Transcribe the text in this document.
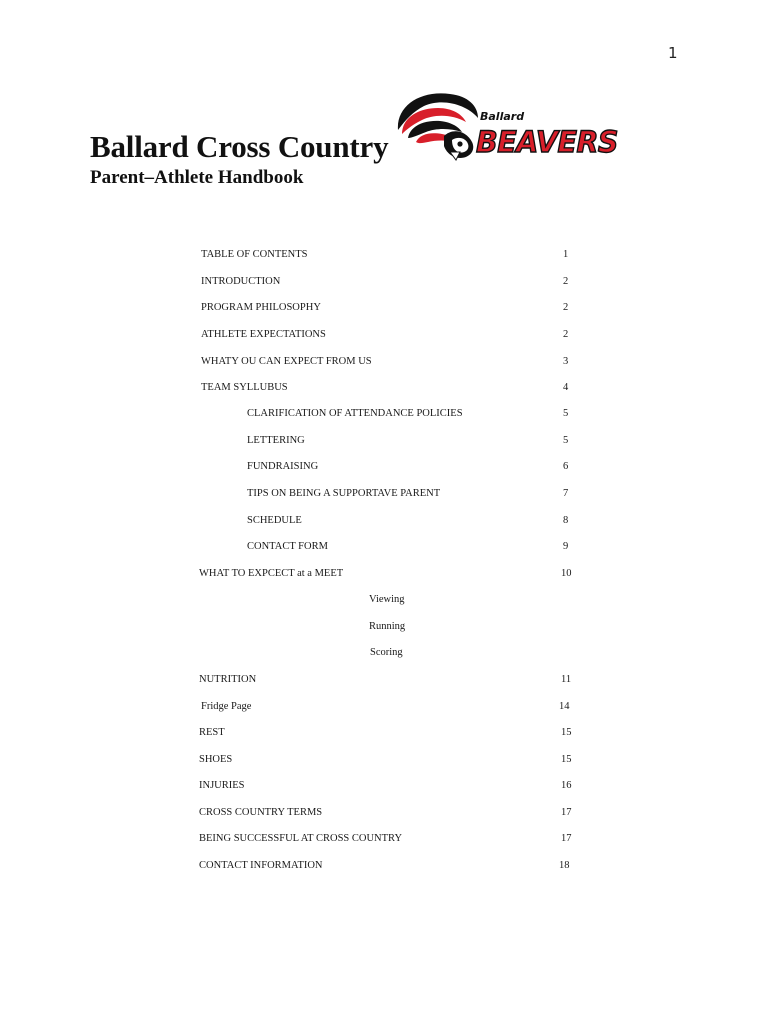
1
Ballard Cross Country
Parent–Athlete Handbook
Ballard
BEAVERS
TABLE OF CONTENTS	1
INTRODUCTION	2
PROGRAM PHILOSOPHY	2
ATHLETE EXPECTATIONS	2
WHATY OU CAN EXPECT FROM US	3
TEAM SYLLUBUS	4
CLARIFICATION OF ATTENDANCE POLICIES	5
LETTERING	5
FUNDRAISING	6
TIPS ON BEING A SUPPORTAVE PARENT	7
SCHEDULE	8
CONTACT FORM	9
WHAT TO EXPCECT at a MEET	10
Viewing
Running
Scoring
NUTRITION	11
Fridge Page	14
REST	15
SHOES	15
INJURIES	16
CROSS COUNTRY TERMS	17
BEING SUCCESSFUL AT CROSS COUNTRY	17
CONTACT INFORMATION	18
